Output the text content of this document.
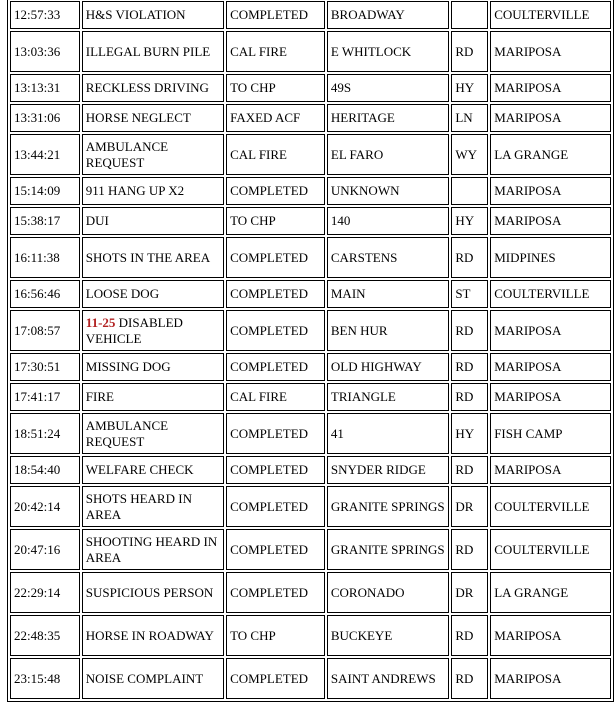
12:57:33	H&S VIOLATION	COMPLETED	BROADWAY		COULTERVILLE
13:03:36	ILLEGAL BURN PILE	CAL FIRE	E WHITLOCK	RD	MARIPOSA
13:13:31	RECKLESS DRIVING	TO CHP	49S	HY	MARIPOSA
13:31:06	HORSE NEGLECT	FAXED ACF	HERITAGE	LN	MARIPOSA
13:44:21	AMBULANCE REQUEST	CAL FIRE	EL FARO	WY	LA GRANGE
15:14:09	911 HANG UP X2	COMPLETED	UNKNOWN		MARIPOSA
15:38:17	DUI	TO CHP	140	HY	MARIPOSA
16:11:38	SHOTS IN THE AREA	COMPLETED	CARSTENS	RD	MIDPINES
16:56:46	LOOSE DOG	COMPLETED	MAIN	ST	COULTERVILLE
17:08:57	11-25 DISABLED VEHICLE	COMPLETED	BEN HUR	RD	MARIPOSA
17:30:51	MISSING DOG	COMPLETED	OLD HIGHWAY	RD	MARIPOSA
17:41:17	FIRE	CAL FIRE	TRIANGLE	RD	MARIPOSA
18:51:24	AMBULANCE REQUEST	COMPLETED	41	HY	FISH CAMP
18:54:40	WELFARE CHECK	COMPLETED	SNYDER RIDGE	RD	MARIPOSA
20:42:14	SHOTS HEARD IN AREA	COMPLETED	GRANITE SPRINGS	DR	COULTERVILLE
20:47:16	SHOOTING HEARD IN AREA	COMPLETED	GRANITE SPRINGS	RD	COULTERVILLE
22:29:14	SUSPICIOUS PERSON	COMPLETED	CORONADO	DR	LA GRANGE
22:48:35	HORSE IN ROADWAY	TO CHP	BUCKEYE	RD	MARIPOSA
23:15:48	NOISE COMPLAINT	COMPLETED	SAINT ANDREWS	RD	MARIPOSA
